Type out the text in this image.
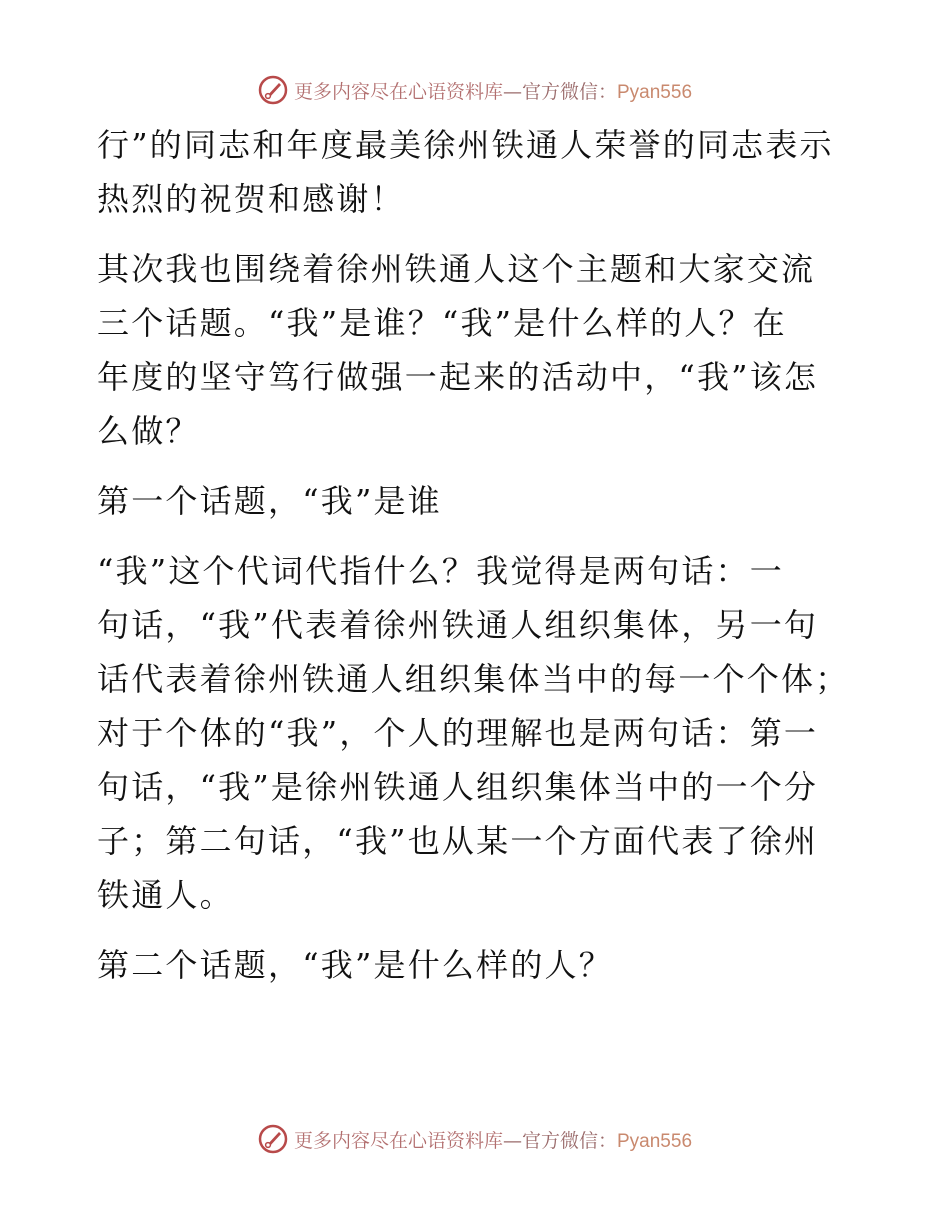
更多内容尽在心语资料库—官方微信：Pyan556

行”的同志和年度最美徐州铁通人荣誉的同志表示
热烈的祝贺和感谢！

其次我也围绕着徐州铁通人这个主题和大家交流
三个话题。“我”是谁？“我”是什么样的人？在
年度的坚守笃行做强一起来的活动中，“我”该怎
么做？

第一个话题，“我”是谁

“我”这个代词代指什么？我觉得是两句话：一
句话，“我”代表着徐州铁通人组织集体，另一句
话代表着徐州铁通人组织集体当中的每一个个体；
对于个体的“我”，个人的理解也是两句话：第一
句话，“我”是徐州铁通人组织集体当中的一个分
子；第二句话，“我”也从某一个方面代表了徐州
铁通人。

第二个话题，“我”是什么样的人？

更多内容尽在心语资料库—官方微信：Pyan556
